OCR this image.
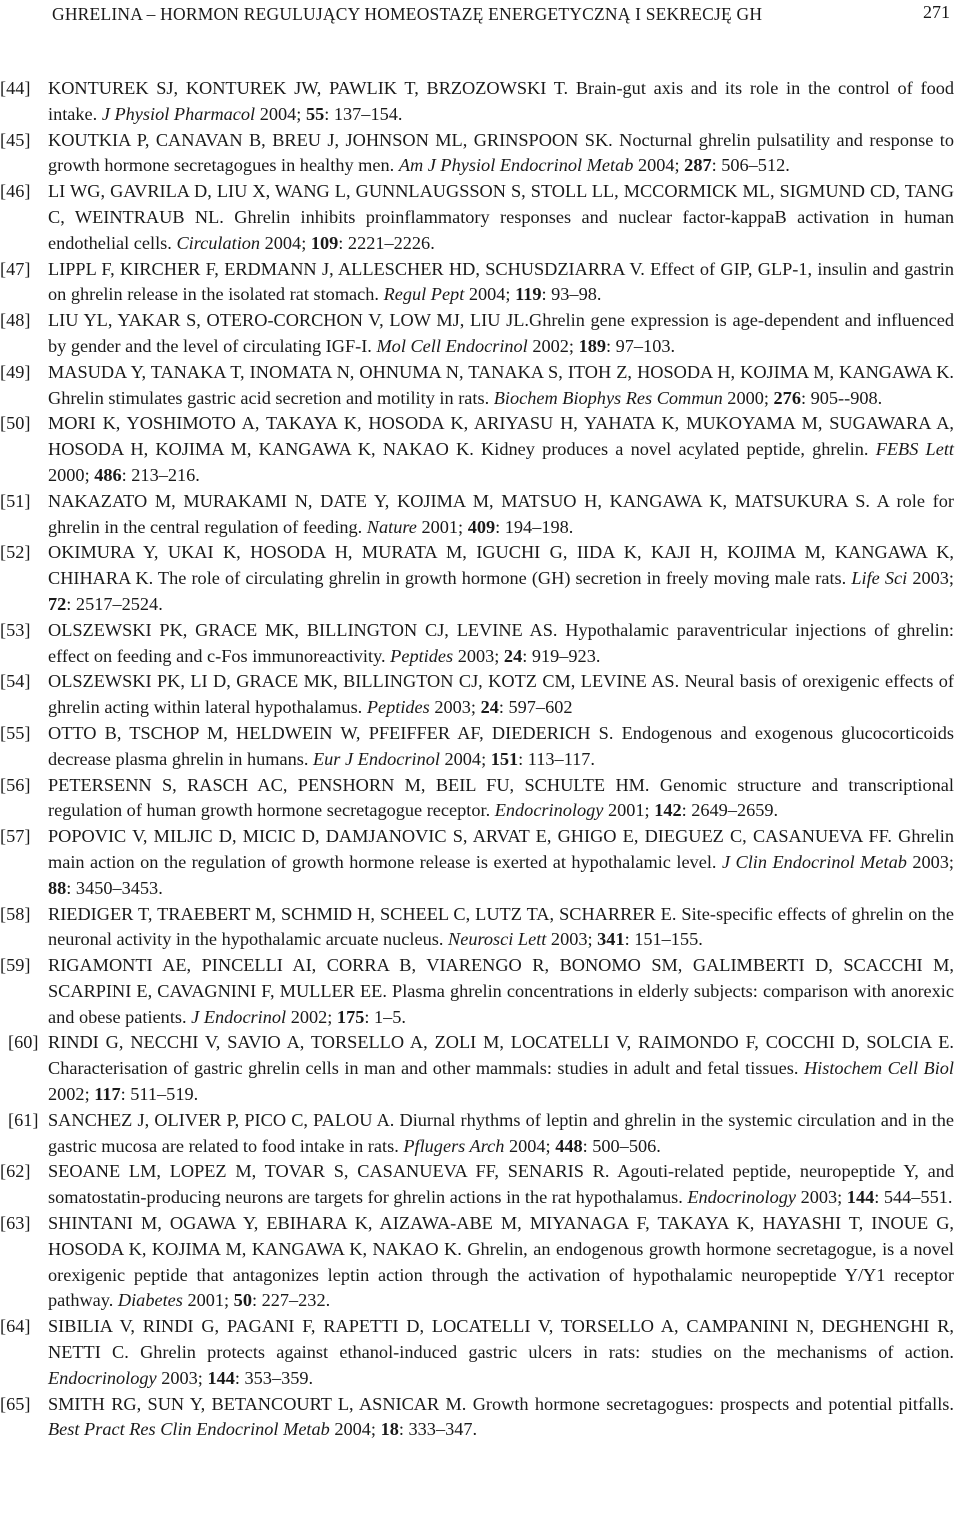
GHRELINA – HORMON REGULUJĄCY HOMEOSTAZĘ ENERGETYCZNĄ I SEKRECJĘ GH	271

[44] KONTUREK SJ, KONTUREK JW, PAWLIK T, BRZOZOWSKI T. Brain-gut axis and its role in the control of food intake. J Physiol Pharmacol 2004; 55: 137–154.

[45] KOUTKIA P, CANAVAN B, BREU J, JOHNSON ML, GRINSPOON SK. Nocturnal ghrelin pulsatility and response to growth hormone secretagogues in healthy men. Am J Physiol Endocrinol Metab 2004; 287: 506–512.

[46] LI WG, GAVRILA D, LIU X, WANG L, GUNNLAUGSSON S, STOLL LL, MCCORMICK ML, SIGMUND CD, TANG C, WEINTRAUB NL. Ghrelin inhibits proinflammatory responses and nuclear factor-kappaB activation in human endothelial cells. Circulation 2004; 109: 2221–2226.

[47] LIPPL F, KIRCHER F, ERDMANN J, ALLESCHER HD, SCHUSDZIARRA V. Effect of GIP, GLP-1, insulin and gastrin on ghrelin release in the isolated rat stomach. Regul Pept 2004; 119: 93–98.

[48] LIU YL, YAKAR S, OTERO-CORCHON V, LOW MJ, LIU JL.Ghrelin gene expression is age-dependent and influenced by gender and the level of circulating IGF-I. Mol Cell Endocrinol 2002; 189: 97–103.

[49] MASUDA Y, TANAKA T, INOMATA N, OHNUMA N, TANAKA S, ITOH Z, HOSODA H, KOJIMA M, KANGAWA K. Ghrelin stimulates gastric acid secretion and motility in rats. Biochem Biophys Res Commun 2000; 276: 905--908.

[50] MORI K, YOSHIMOTO A, TAKAYA K, HOSODA K, ARIYASU H, YAHATA K, MUKOYAMA M, SUGAWARA A, HOSODA H, KOJIMA M, KANGAWA K, NAKAO K. Kidney produces a novel acylated peptide, ghrelin. FEBS Lett 2000; 486: 213–216.

[51] NAKAZATO M, MURAKAMI N, DATE Y, KOJIMA M, MATSUO H, KANGAWA K, MATSUKURA S. A role for ghrelin in the central regulation of feeding. Nature 2001; 409: 194–198.

[52] OKIMURA Y, UKAI K, HOSODA H, MURATA M, IGUCHI G, IIDA K, KAJI H, KOJIMA M, KANGAWA K, CHIHARA K. The role of circulating ghrelin in growth hormone (GH) secretion in freely moving male rats. Life Sci 2003; 72: 2517–2524.

[53] OLSZEWSKI PK, GRACE MK, BILLINGTON CJ, LEVINE AS. Hypothalamic paraventricular injections of ghrelin: effect on feeding and c-Fos immunoreactivity. Peptides 2003; 24: 919–923.

[54] OLSZEWSKI PK, LI D, GRACE MK, BILLINGTON CJ, KOTZ CM, LEVINE AS. Neural basis of orexigenic effects of ghrelin acting within lateral hypothalamus. Peptides 2003; 24: 597–602

[55] OTTO B, TSCHOP M, HELDWEIN W, PFEIFFER AF, DIEDERICH S. Endogenous and exogenous glucocorticoids decrease plasma ghrelin in humans. Eur J Endocrinol 2004; 151: 113–117.

[56] PETERSENN S, RASCH AC, PENSHORN M, BEIL FU, SCHULTE HM. Genomic structure and transcriptional regulation of human growth hormone secretagogue receptor. Endocrinology 2001; 142: 2649–2659.

[57] POPOVIC V, MILJIC D, MICIC D, DAMJANOVIC S, ARVAT E, GHIGO E, DIEGUEZ C, CASANUEVA FF. Ghrelin main action on the regulation of growth hormone release is exerted at hypothalamic level. J Clin Endocrinol Metab 2003; 88: 3450–3453.

[58] RIEDIGER T, TRAEBERT M, SCHMID H, SCHEEL C, LUTZ TA, SCHARRER E. Site-specific effects of ghrelin on the neuronal activity in the hypothalamic arcuate nucleus. Neurosci Lett 2003; 341: 151–155.

[59] RIGAMONTI AE, PINCELLI AI, CORRA B, VIARENGO R, BONOMO SM, GALIMBERTI D, SCACCHI M, SCARPINI E, CAVAGNINI F, MULLER EE. Plasma ghrelin concentrations in elderly subjects: comparison with anorexic and obese patients. J Endocrinol 2002; 175: 1–5.

[60] RINDI G, NECCHI V, SAVIO A, TORSELLO A, ZOLI M, LOCATELLI V, RAIMONDO F, COCCHI D, SOLCIA E. Characterisation of gastric ghrelin cells in man and other mammals: studies in adult and fetal tissues. Histochem Cell Biol 2002; 117: 511–519.

[61] SANCHEZ J, OLIVER P, PICO C, PALOU A. Diurnal rhythms of leptin and ghrelin in the systemic circulation and in the gastric mucosa are related to food intake in rats. Pflugers Arch 2004; 448: 500–506.

[62] SEOANE LM, LOPEZ M, TOVAR S, CASANUEVA FF, SENARIS R. Agouti-related peptide, neuropeptide Y, and somatostatin-producing neurons are targets for ghrelin actions in the rat hypothalamus. Endocrinology 2003; 144: 544–551.

[63] SHINTANI M, OGAWA Y, EBIHARA K, AIZAWA-ABE M, MIYANAGA F, TAKAYA K, HAYASHI T, INOUE G, HOSODA K, KOJIMA M, KANGAWA K, NAKAO K. Ghrelin, an endogenous growth hormone secretagogue, is a novel orexigenic peptide that antagonizes leptin action through the activation of hypothalamic neuropeptide Y/Y1 receptor pathway. Diabetes 2001; 50: 227–232.

[64] SIBILIA V, RINDI G, PAGANI F, RAPETTI D, LOCATELLI V, TORSELLO A, CAMPANINI N, DEGHENGHI R, NETTI C. Ghrelin protects against ethanol-induced gastric ulcers in rats: studies on the mechanisms of action. Endocrinology 2003; 144: 353–359.

[65] SMITH RG, SUN Y, BETANCOURT L, ASNICAR M. Growth hormone secretagogues: prospects and potential pitfalls. Best Pract Res Clin Endocrinol Metab 2004; 18: 333–347.
